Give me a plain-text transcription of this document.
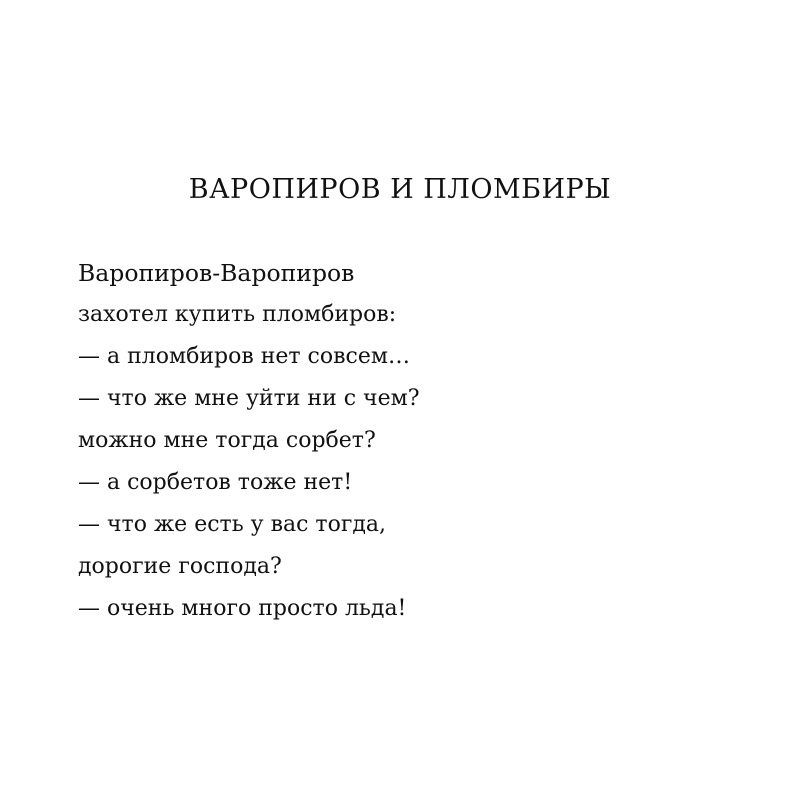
ВАРОПИРОВ И ПЛОМБИРЫ
Варопиров-Варопиров
захотел купить пломбиров:
— а пломбиров нет совсем…
— что же мне уйти ни с чем?
можно мне тогда сорбет?
— а сорбетов тоже нет!
— что же есть у вас тогда,
дорогие господа?
— очень много просто льда!
